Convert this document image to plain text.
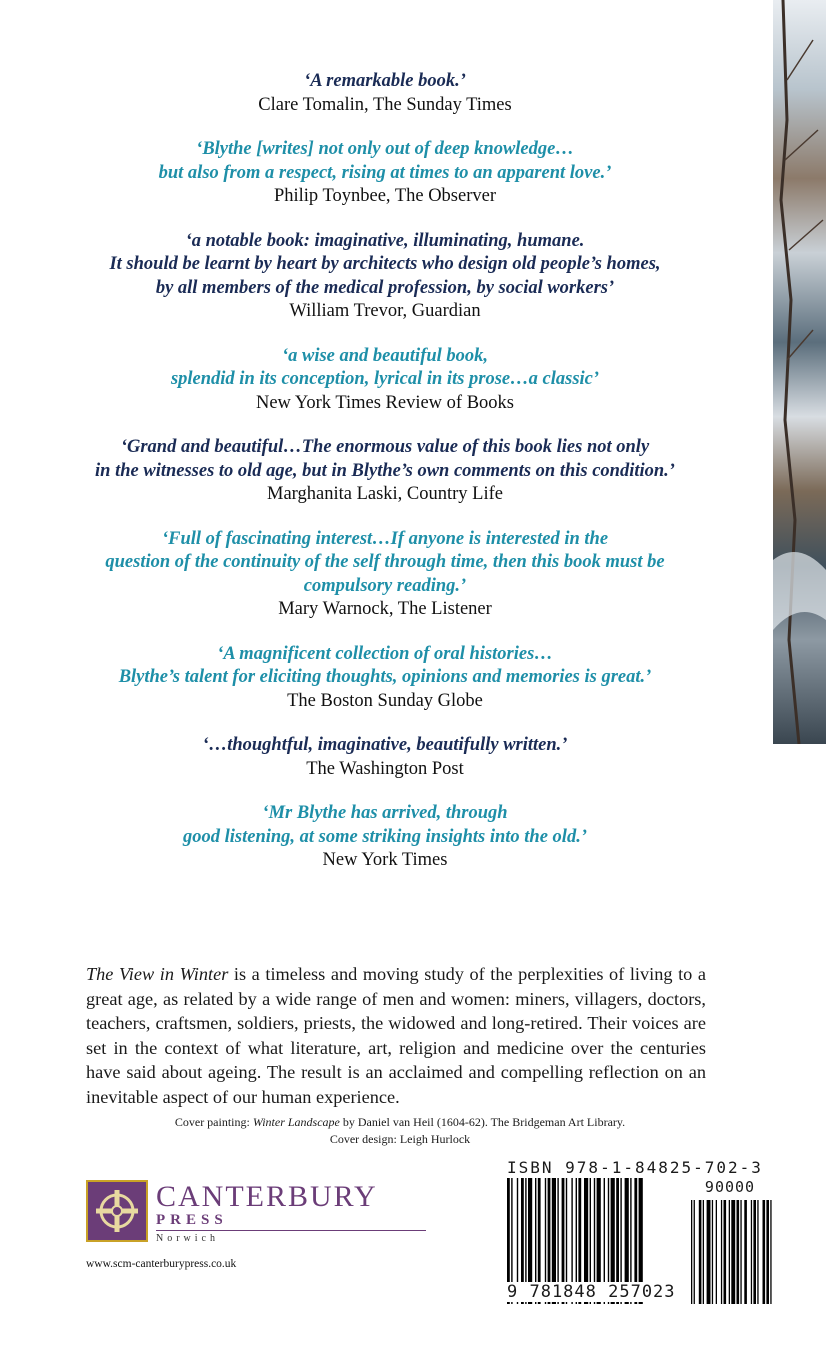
‘A remarkable book.’

Clare Tomalin, The Sunday Times

‘Blythe [writes] not only out of deep knowledge…

but also from a respect, rising at times to an apparent love.’

Philip Toynbee, The Observer

‘a notable book: imaginative, illuminating, humane.

It should be learnt by heart by architects who design old people’s homes,

by all members of the medical profession, by social workers’

William Trevor, Guardian

‘a wise and beautiful book,

splendid in its conception, lyrical in its prose…a classic’

New York Times Review of Books

‘Grand and beautiful…The enormous value of this book lies not only

in the witnesses to old age, but in Blythe’s own comments on this condition.’

Marghanita Laski, Country Life

‘Full of fascinating interest…If anyone is interested in the

question of the continuity of the self through time, then this book must be

compulsory reading.’

Mary Warnock, The Listener

‘A magnificent collection of oral histories…

Blythe’s talent for eliciting thoughts, opinions and memories is great.’

The Boston Sunday Globe

‘…thoughtful, imaginative, beautifully written.’

The Washington Post

‘Mr Blythe has arrived, through

good listening, at some striking insights into the old.’

New York Times

The View in Winter is a timeless and moving study of the perplexities of living to a great age, as related by a wide range of men and women: miners, villagers, doctors, teachers, craftsmen, soldiers, priests, the widowed and long-retired. Their voices are set in the context of what literature, art, religion and medicine over the centuries have said about ageing. The result is an acclaimed and compelling reflection on an inevitable aspect of our human experience.

Cover painting: Winter Landscape by Daniel van Heil (1604-62). The Bridgeman Art Library.
Cover design: Leigh Hurlock
CANTERBURY
PRESS
Norwich
www.scm-canterburypress.co.uk
ISBN 978-1-84825-702-3
90000
9 781848 257023
